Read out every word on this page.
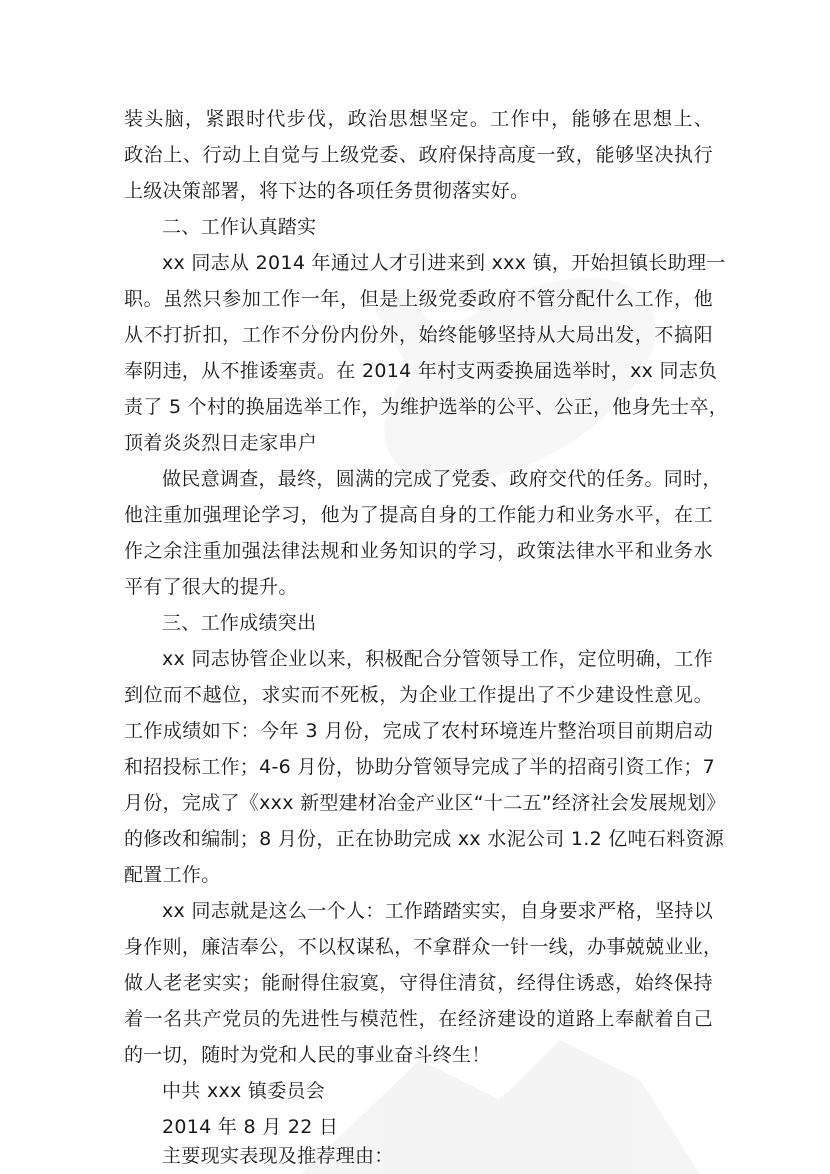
装头脑，紧跟时代步伐，政治思想坚定。工作中，能够在思想上、
政治上、行动上自觉与上级党委、政府保持高度一致，能够坚决执行
上级决策部署，将下达的各项任务贯彻落实好。
二、工作认真踏实
xx 同志从 2014 年通过人才引进来到 xxx 镇，开始担镇长助理一
职。虽然只参加工作一年，但是上级党委政府不管分配什么工作，他
从不打折扣，工作不分份内份外，始终能够坚持从大局出发，不搞阳
奉阴违，从不推诿塞责。在 2014 年村支两委换届选举时，xx 同志负
责了 5 个村的换届选举工作，为维护选举的公平、公正，他身先士卒，
顶着炎炎烈日走家串户
做民意调查，最终，圆满的完成了党委、政府交代的任务。同时，
他注重加强理论学习，他为了提高自身的工作能力和业务水平，在工
作之余注重加强法律法规和业务知识的学习，政策法律水平和业务水
平有了很大的提升。
三、工作成绩突出
xx 同志协管企业以来，积极配合分管领导工作，定位明确，工作
到位而不越位，求实而不死板，为企业工作提出了不少建设性意见。
工作成绩如下：今年 3 月份，完成了农村环境连片整治项目前期启动
和招投标工作；4-6 月份，协助分管领导完成了半的招商引资工作；7
月份，完成了《xxx 新型建材冶金产业区“十二五”经济社会发展规划》
的修改和编制；8 月份，正在协助完成 xx 水泥公司 1.2 亿吨石料资源
配置工作。
xx 同志就是这么一个人：工作踏踏实实，自身要求严格，坚持以
身作则，廉洁奉公，不以权谋私，不拿群众一针一线，办事兢兢业业，
做人老老实实；能耐得住寂寞，守得住清贫，经得住诱惑，始终保持
着一名共产党员的先进性与模范性，在经济建设的道路上奉献着自己
的一切，随时为党和人民的事业奋斗终生！
中共 xxx 镇委员会
2014 年 8 月 22 日
主要现实表现及推荐理由：
